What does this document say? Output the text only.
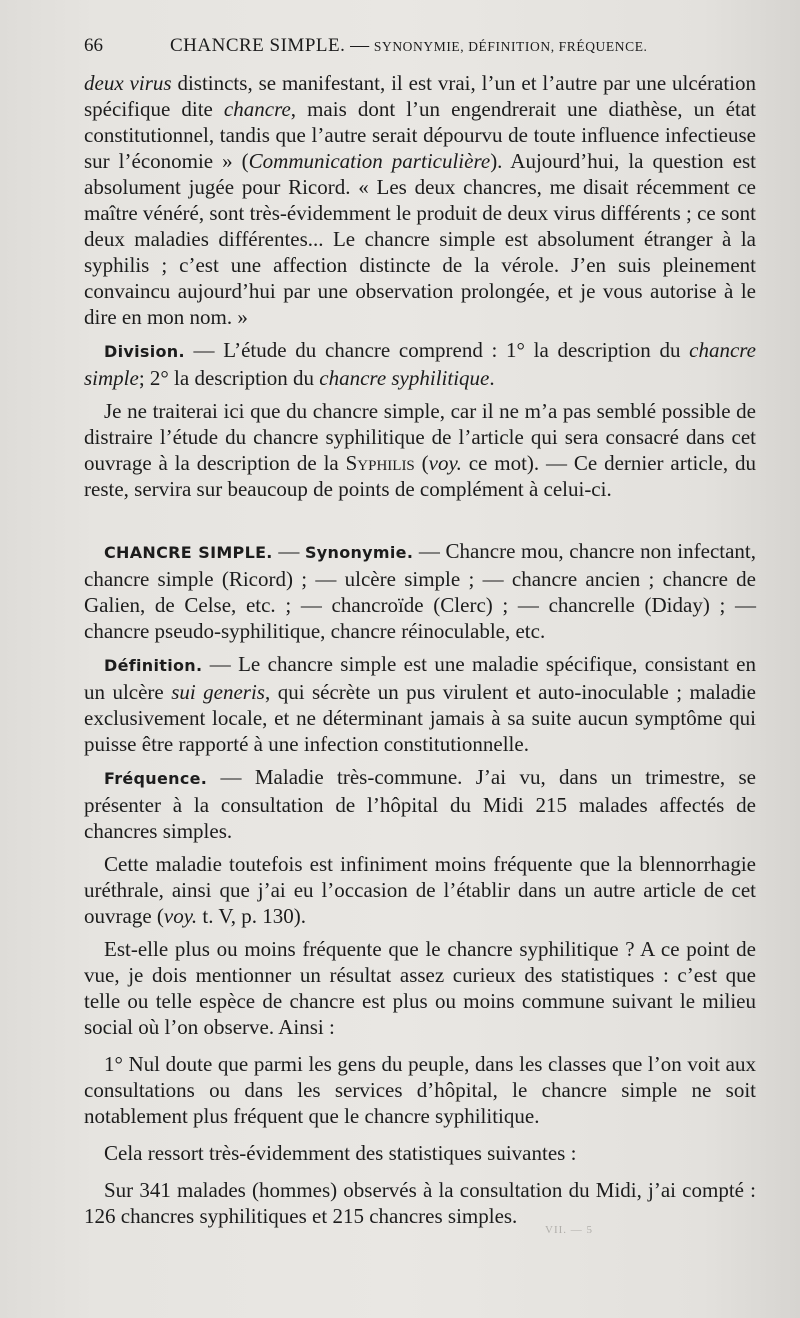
66	CHANCRE SIMPLE. — SYNONYMIE, DÉFINITION, FRÉQUENCE.

deux virus distincts, se manifestant, il est vrai, l’un et l’autre par une ulcération spécifique dite chancre, mais dont l’un engendrerait une diathèse, un état constitutionnel, tandis que l’autre serait dépourvu de toute influence infectieuse sur l’économie » (Communication particulière). Aujourd’hui, la question est absolument jugée pour Ricord. « Les deux chancres, me disait récemment ce maître vénéré, sont très-évidemment le produit de deux virus différents ; ce sont deux maladies différentes... Le chancre simple est absolument étranger à la syphilis ; c’est une affection distincte de la vérole. J’en suis pleinement convaincu aujourd’hui par une observation prolongée, et je vous autorise à le dire en mon nom. »

Division. — L’étude du chancre comprend : 1° la description du chancre simple; 2° la description du chancre syphilitique.

Je ne traiterai ici que du chancre simple, car il ne m’a pas semblé possible de distraire l’étude du chancre syphilitique de l’article qui sera consacré dans cet ouvrage à la description de la Syphilis (voy. ce mot). — Ce dernier article, du reste, servira sur beaucoup de points de complément à celui-ci.

CHANCRE SIMPLE. — Synonymie. — Chancre mou, chancre non infectant, chancre simple (Ricord) ; — ulcère simple ; — chancre ancien ; chancre de Galien, de Celse, etc. ; — chancroïde (Clerc) ; — chancrelle (Diday) ; — chancre pseudo-syphilitique, chancre réinoculable, etc.

Définition. — Le chancre simple est une maladie spécifique, consistant en un ulcère sui generis, qui sécrète un pus virulent et auto-inoculable ; maladie exclusivement locale, et ne déterminant jamais à sa suite aucun symptôme qui puisse être rapporté à une infection constitutionnelle.

Fréquence. — Maladie très-commune. J’ai vu, dans un trimestre, se présenter à la consultation de l’hôpital du Midi 215 malades affectés de chancres simples.

Cette maladie toutefois est infiniment moins fréquente que la blennorrhagie uréthrale, ainsi que j’ai eu l’occasion de l’établir dans un autre article de cet ouvrage (voy. t. V, p. 130).

Est-elle plus ou moins fréquente que le chancre syphilitique ? A ce point de vue, je dois mentionner un résultat assez curieux des statistiques : c’est que telle ou telle espèce de chancre est plus ou moins commune suivant le milieu social où l’on observe. Ainsi :

1° Nul doute que parmi les gens du peuple, dans les classes que l’on voit aux consultations ou dans les services d’hôpital, le chancre simple ne soit notablement plus fréquent que le chancre syphilitique.

Cela ressort très-évidemment des statistiques suivantes :

Sur 341 malades (hommes) observés à la consultation du Midi, j’ai compté : 126 chancres syphilitiques et 215 chancres simples.

VII. — 5
